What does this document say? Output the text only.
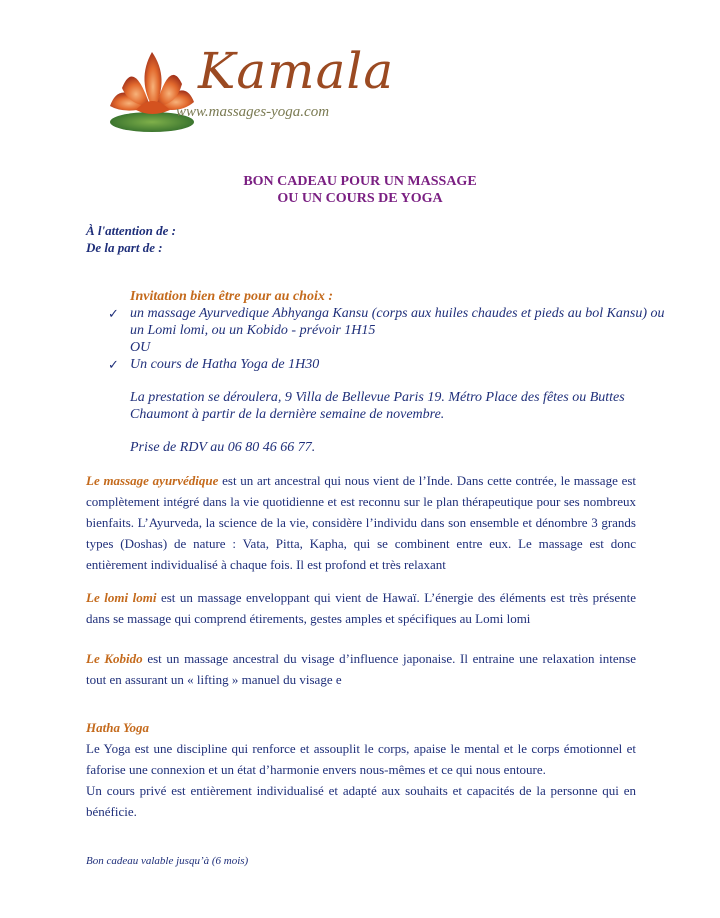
Kamala
www.massages-yoga.com
BON CADEAU POUR UN MASSAGE
OU UN COURS DE YOGA
À l'attention de :
De la part de :
Invitation bien être pour au choix :
✓ un massage Ayurvedique Abhyanga Kansu (corps aux huiles chaudes et pieds au bol Kansu) ou un Lomi lomi, ou un Kobido - prévoir 1H15
OU
✓ Un cours de Hatha Yoga de 1H30
La prestation se déroulera, 9 Villa de Bellevue Paris 19. Métro Place des fêtes ou Buttes Chaumont à partir de la dernière semaine de novembre.
Prise de RDV au 06 80 46 66 77.
Le massage ayurvédique est un art ancestral qui nous vient de l’Inde. Dans cette contrée, le massage est complètement intégré dans la vie quotidienne et est reconnu sur le plan thérapeutique pour ses nombreux bienfaits. L’Ayurveda, la science de la vie, considère l’individu dans son ensemble et dénombre 3 grands types (Doshas) de nature : Vata, Pitta, Kapha, qui se combinent entre eux. Le massage est donc entièrement individualisé à chaque fois. Il est profond et très relaxant
Le lomi lomi est un massage enveloppant qui vient de Hawaï. L’énergie des éléments est très présente dans se massage qui comprend étirements, gestes amples et spécifiques au Lomi lomi
Le Kobido est un massage ancestral du visage d’influence japonaise. Il entraine une relaxation intense tout en assurant un « lifting » manuel du visage e
Hatha Yoga
Le Yoga est une discipline qui renforce et assouplit le corps, apaise le mental et le corps émotionnel et faforise une connexion et un état d’harmonie envers nous-mêmes et ce qui nous entoure.
Un cours privé est entièrement individualisé et adapté aux souhaits et capacités de la personne qui en bénéficie.
Bon cadeau valable jusqu’à (6 mois)
